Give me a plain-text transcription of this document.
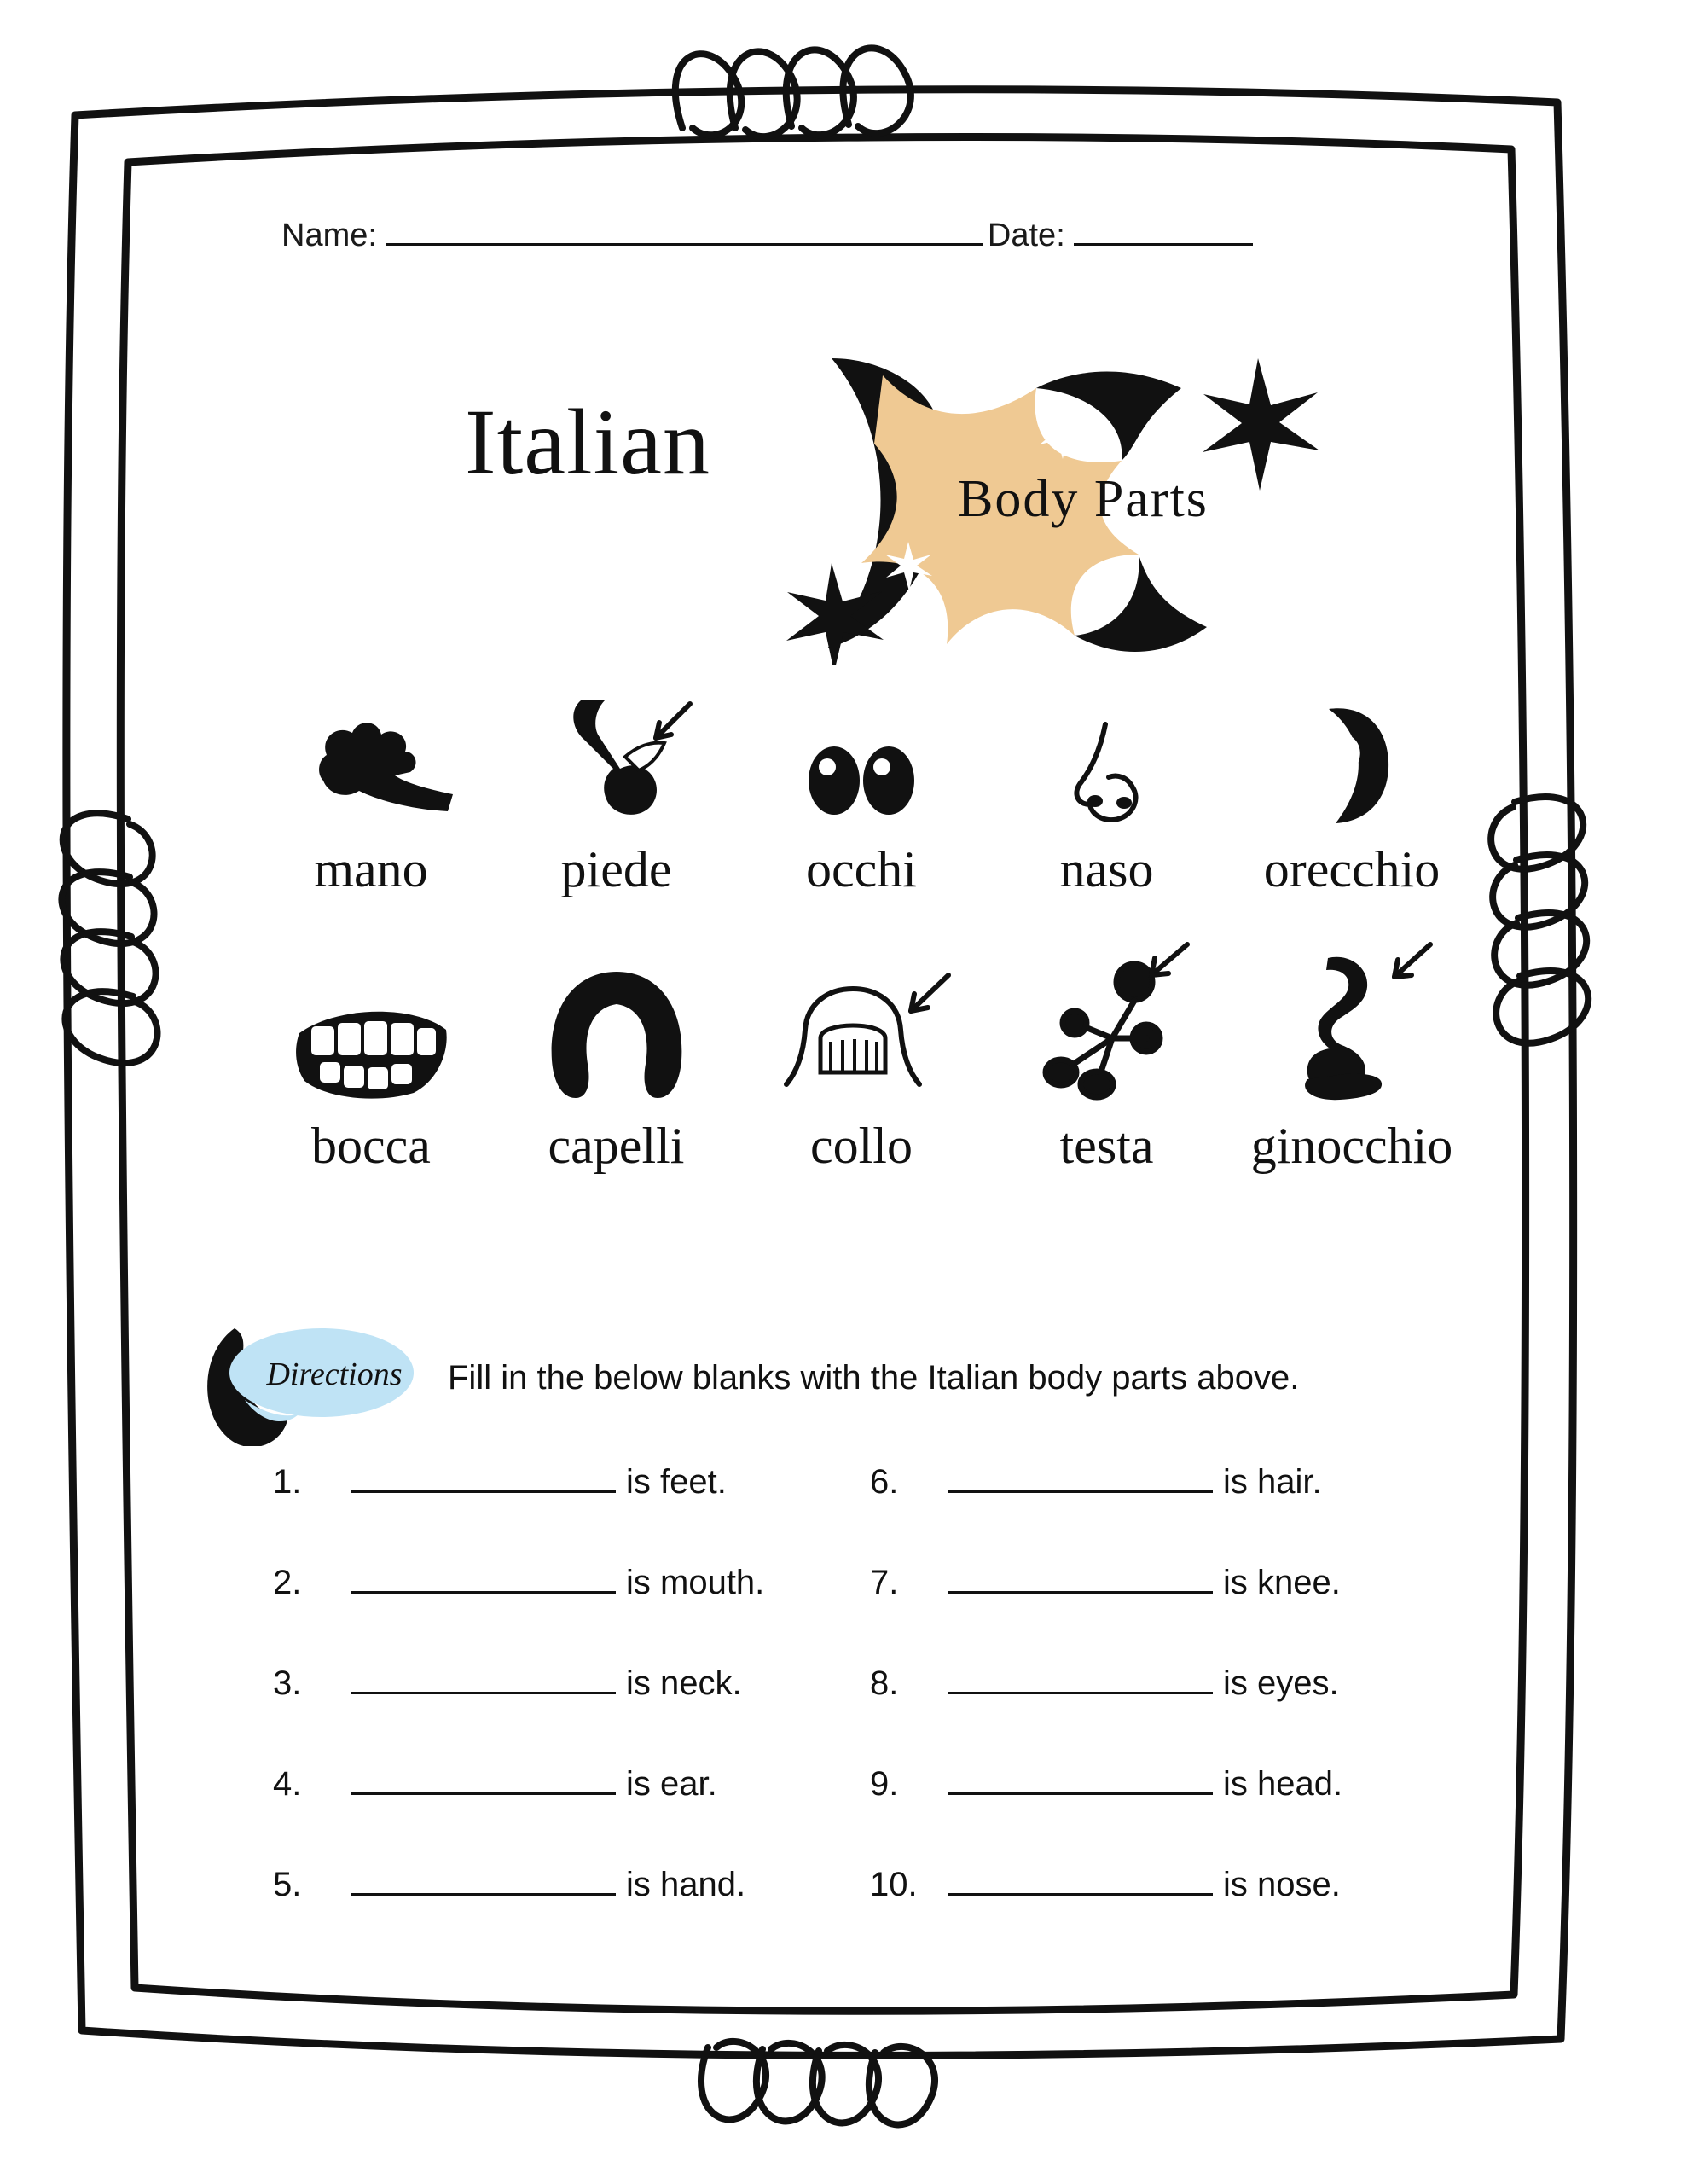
Name:	Date:
Italian
Body Parts
mano	piede	occhi	naso	orecchio
bocca	capelli	collo	testa	ginocchio
Directions	Fill in the below blanks with the Italian body parts above.
1.	is feet.
2.	is mouth.
3.	is neck.
4.	is ear.
5.	is hand.
6.	is hair.
7.	is knee.
8.	is eyes.
9.	is head.
10.	is nose.
